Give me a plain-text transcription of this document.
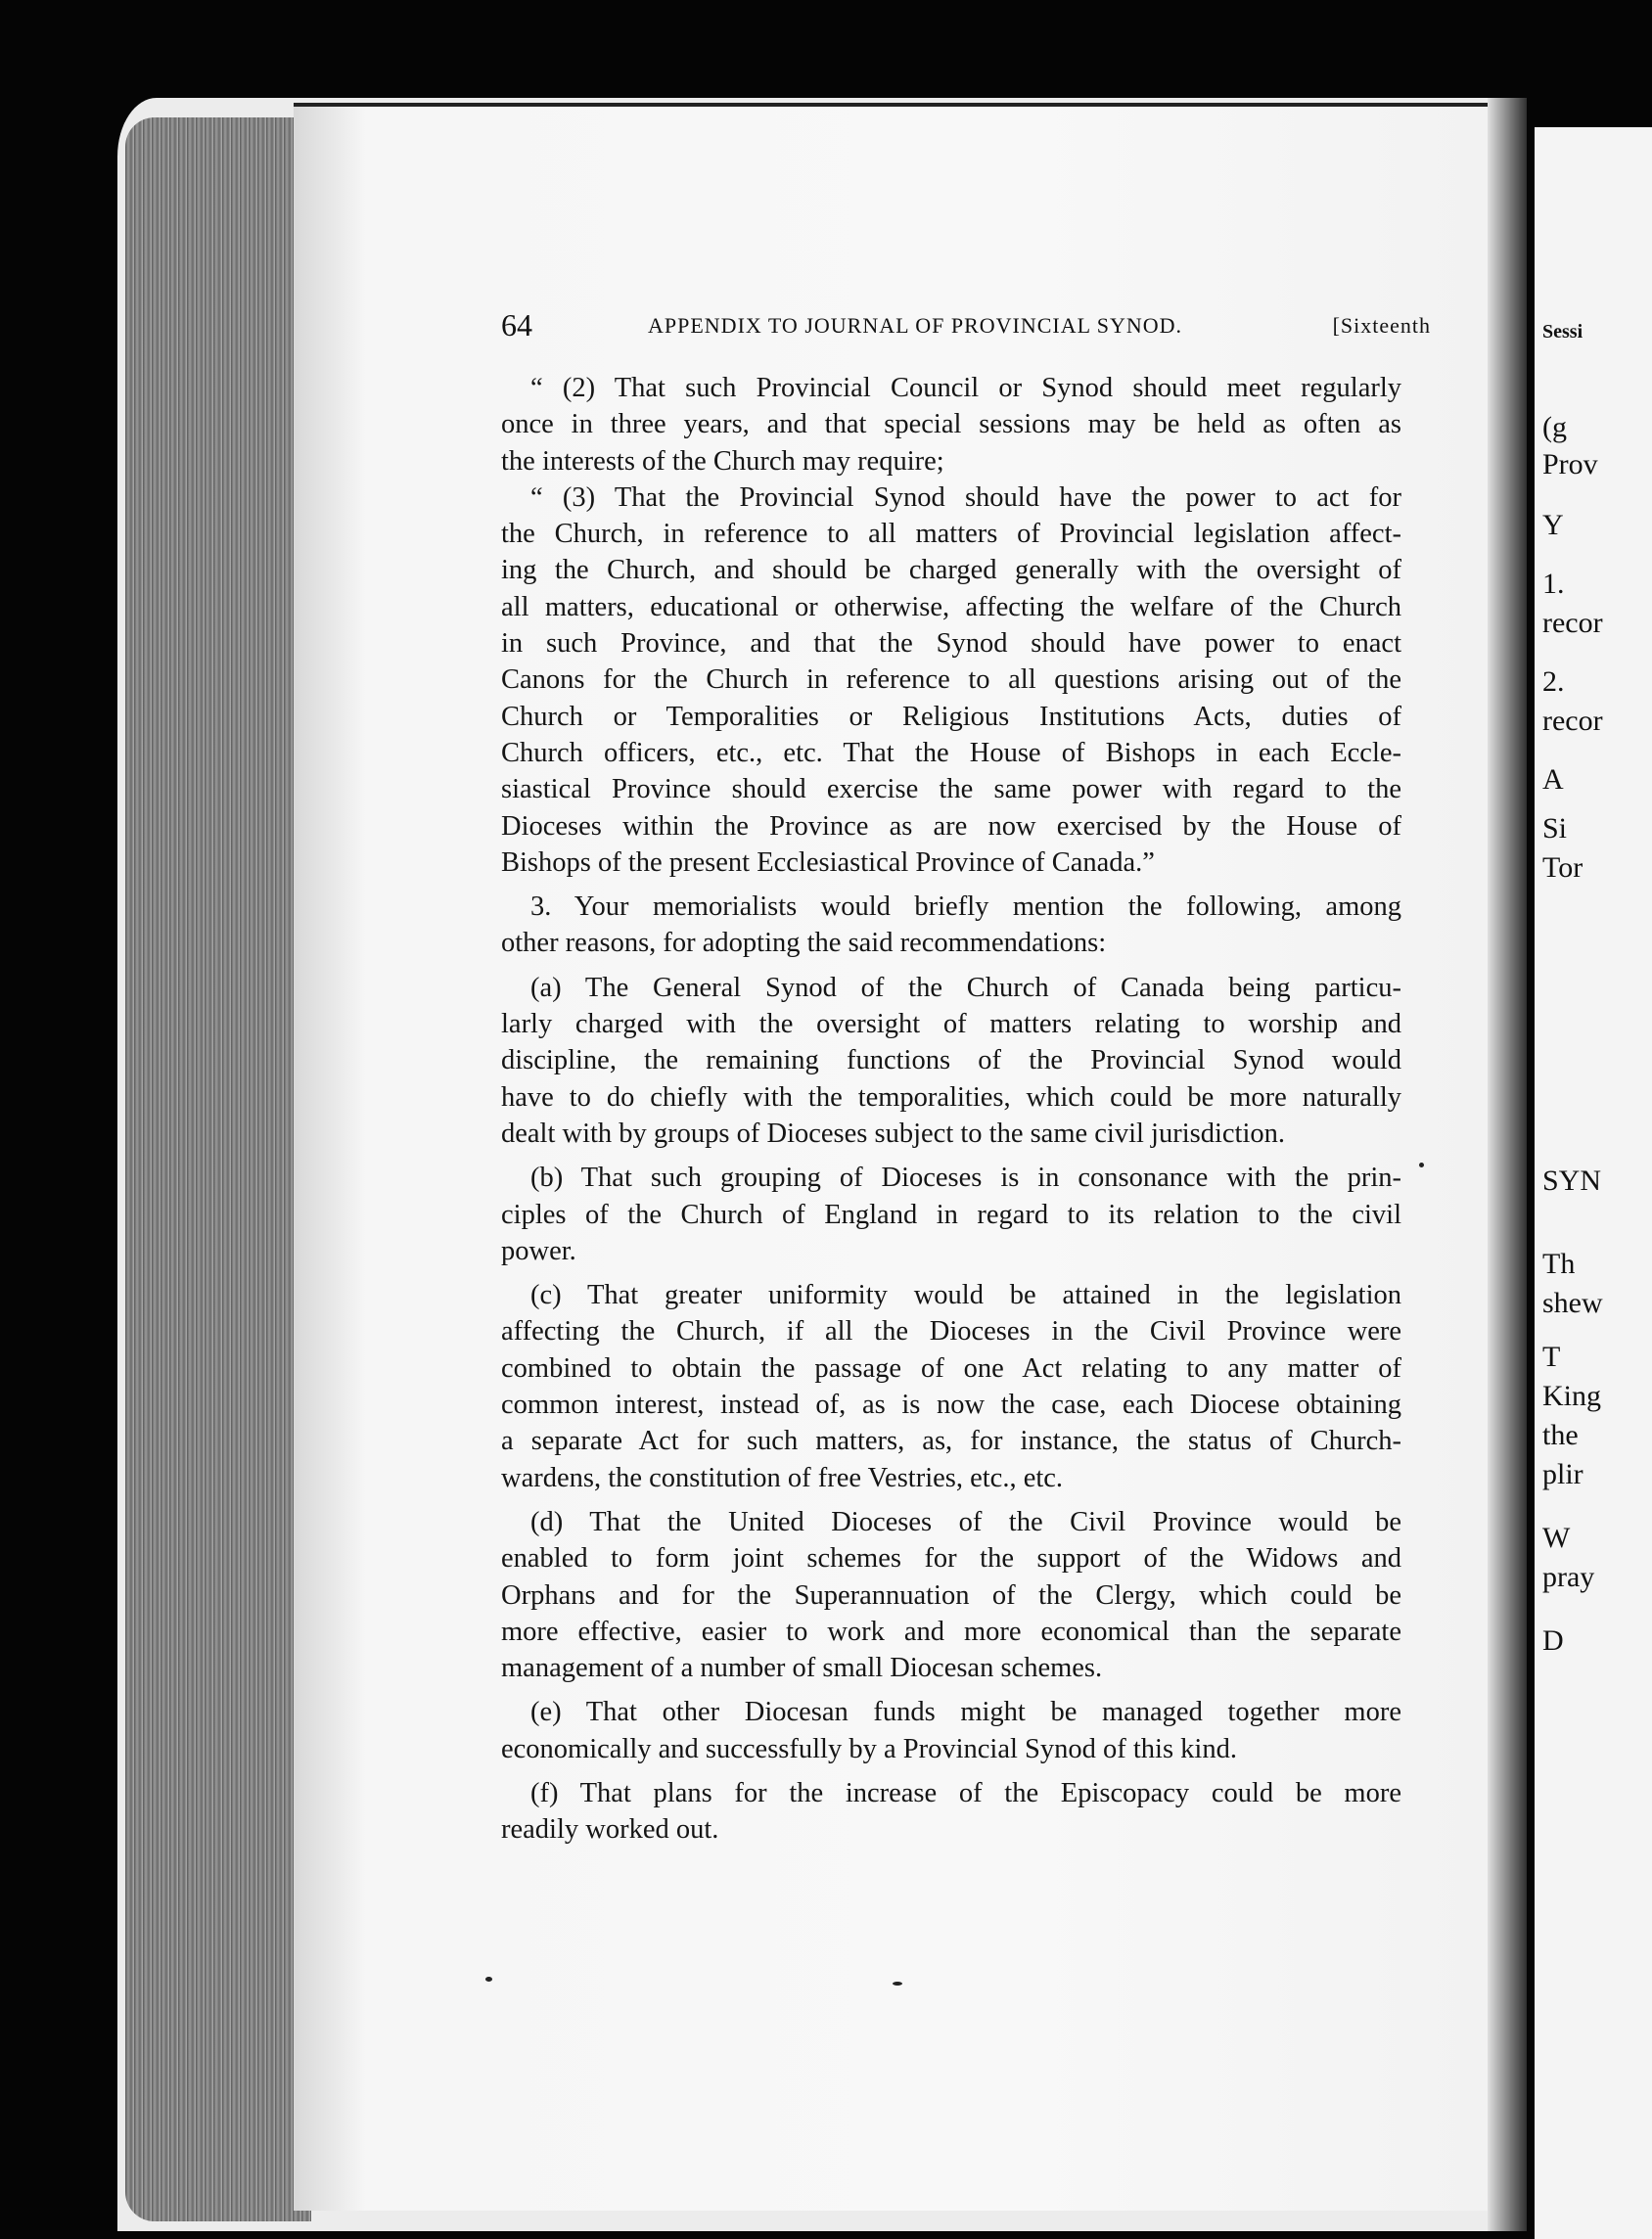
64	APPENDIX TO JOURNAL OF PROVINCIAL SYNOD.	[Sixteenth
“ (2) That such Provincial Council or Synod should meet regularly
once in three years, and that special sessions may be held as often as
the interests of the Church may require;
“ (3) That the Provincial Synod should have the power to act for
the Church, in reference to all matters of Provincial legislation affect-
ing the Church, and should be charged generally with the oversight of
all matters, educational or otherwise, affecting the welfare of the Church
in such Province, and that the Synod should have power to enact
Canons for the Church in reference to all questions arising out of the
Church or Temporalities or Religious Institutions Acts, duties of
Church officers, etc., etc. That the House of Bishops in each Eccle-
siastical Province should exercise the same power with regard to the
Dioceses within the Province as are now exercised by the House of
Bishops of the present Ecclesiastical Province of Canada.”
3. Your memorialists would briefly mention the following, among
other reasons, for adopting the said recommendations:
(a) The General Synod of the Church of Canada being particu-
larly charged with the oversight of matters relating to worship and
discipline, the remaining functions of the Provincial Synod would
have to do chiefly with the temporalities, which could be more naturally
dealt with by groups of Dioceses subject to the same civil jurisdiction.
(b) That such grouping of Dioceses is in consonance with the prin-
ciples of the Church of England in regard to its relation to the civil
power.
(c) That greater uniformity would be attained in the legislation
affecting the Church, if all the Dioceses in the Civil Province were
combined to obtain the passage of one Act relating to any matter of
common interest, instead of, as is now the case, each Diocese obtaining
a separate Act for such matters, as, for instance, the status of Church-
wardens, the constitution of free Vestries, etc., etc.
(d) That the United Dioceses of the Civil Province would be
enabled to form joint schemes for the support of the Widows and
Orphans and for the Superannuation of the Clergy, which could be
more effective, easier to work and more economical than the separate
management of a number of small Diocesan schemes.
(e) That other Diocesan funds might be managed together more
economically and successfully by a Provincial Synod of this kind.
(f) That plans for the increase of the Episcopacy could be more
readily worked out.
Sessi
(g
Prov
Y
1.
recor
2.
recor
A
Si
Tor
SYN
Th
shew
T
King
the
plir
W
pray
D
